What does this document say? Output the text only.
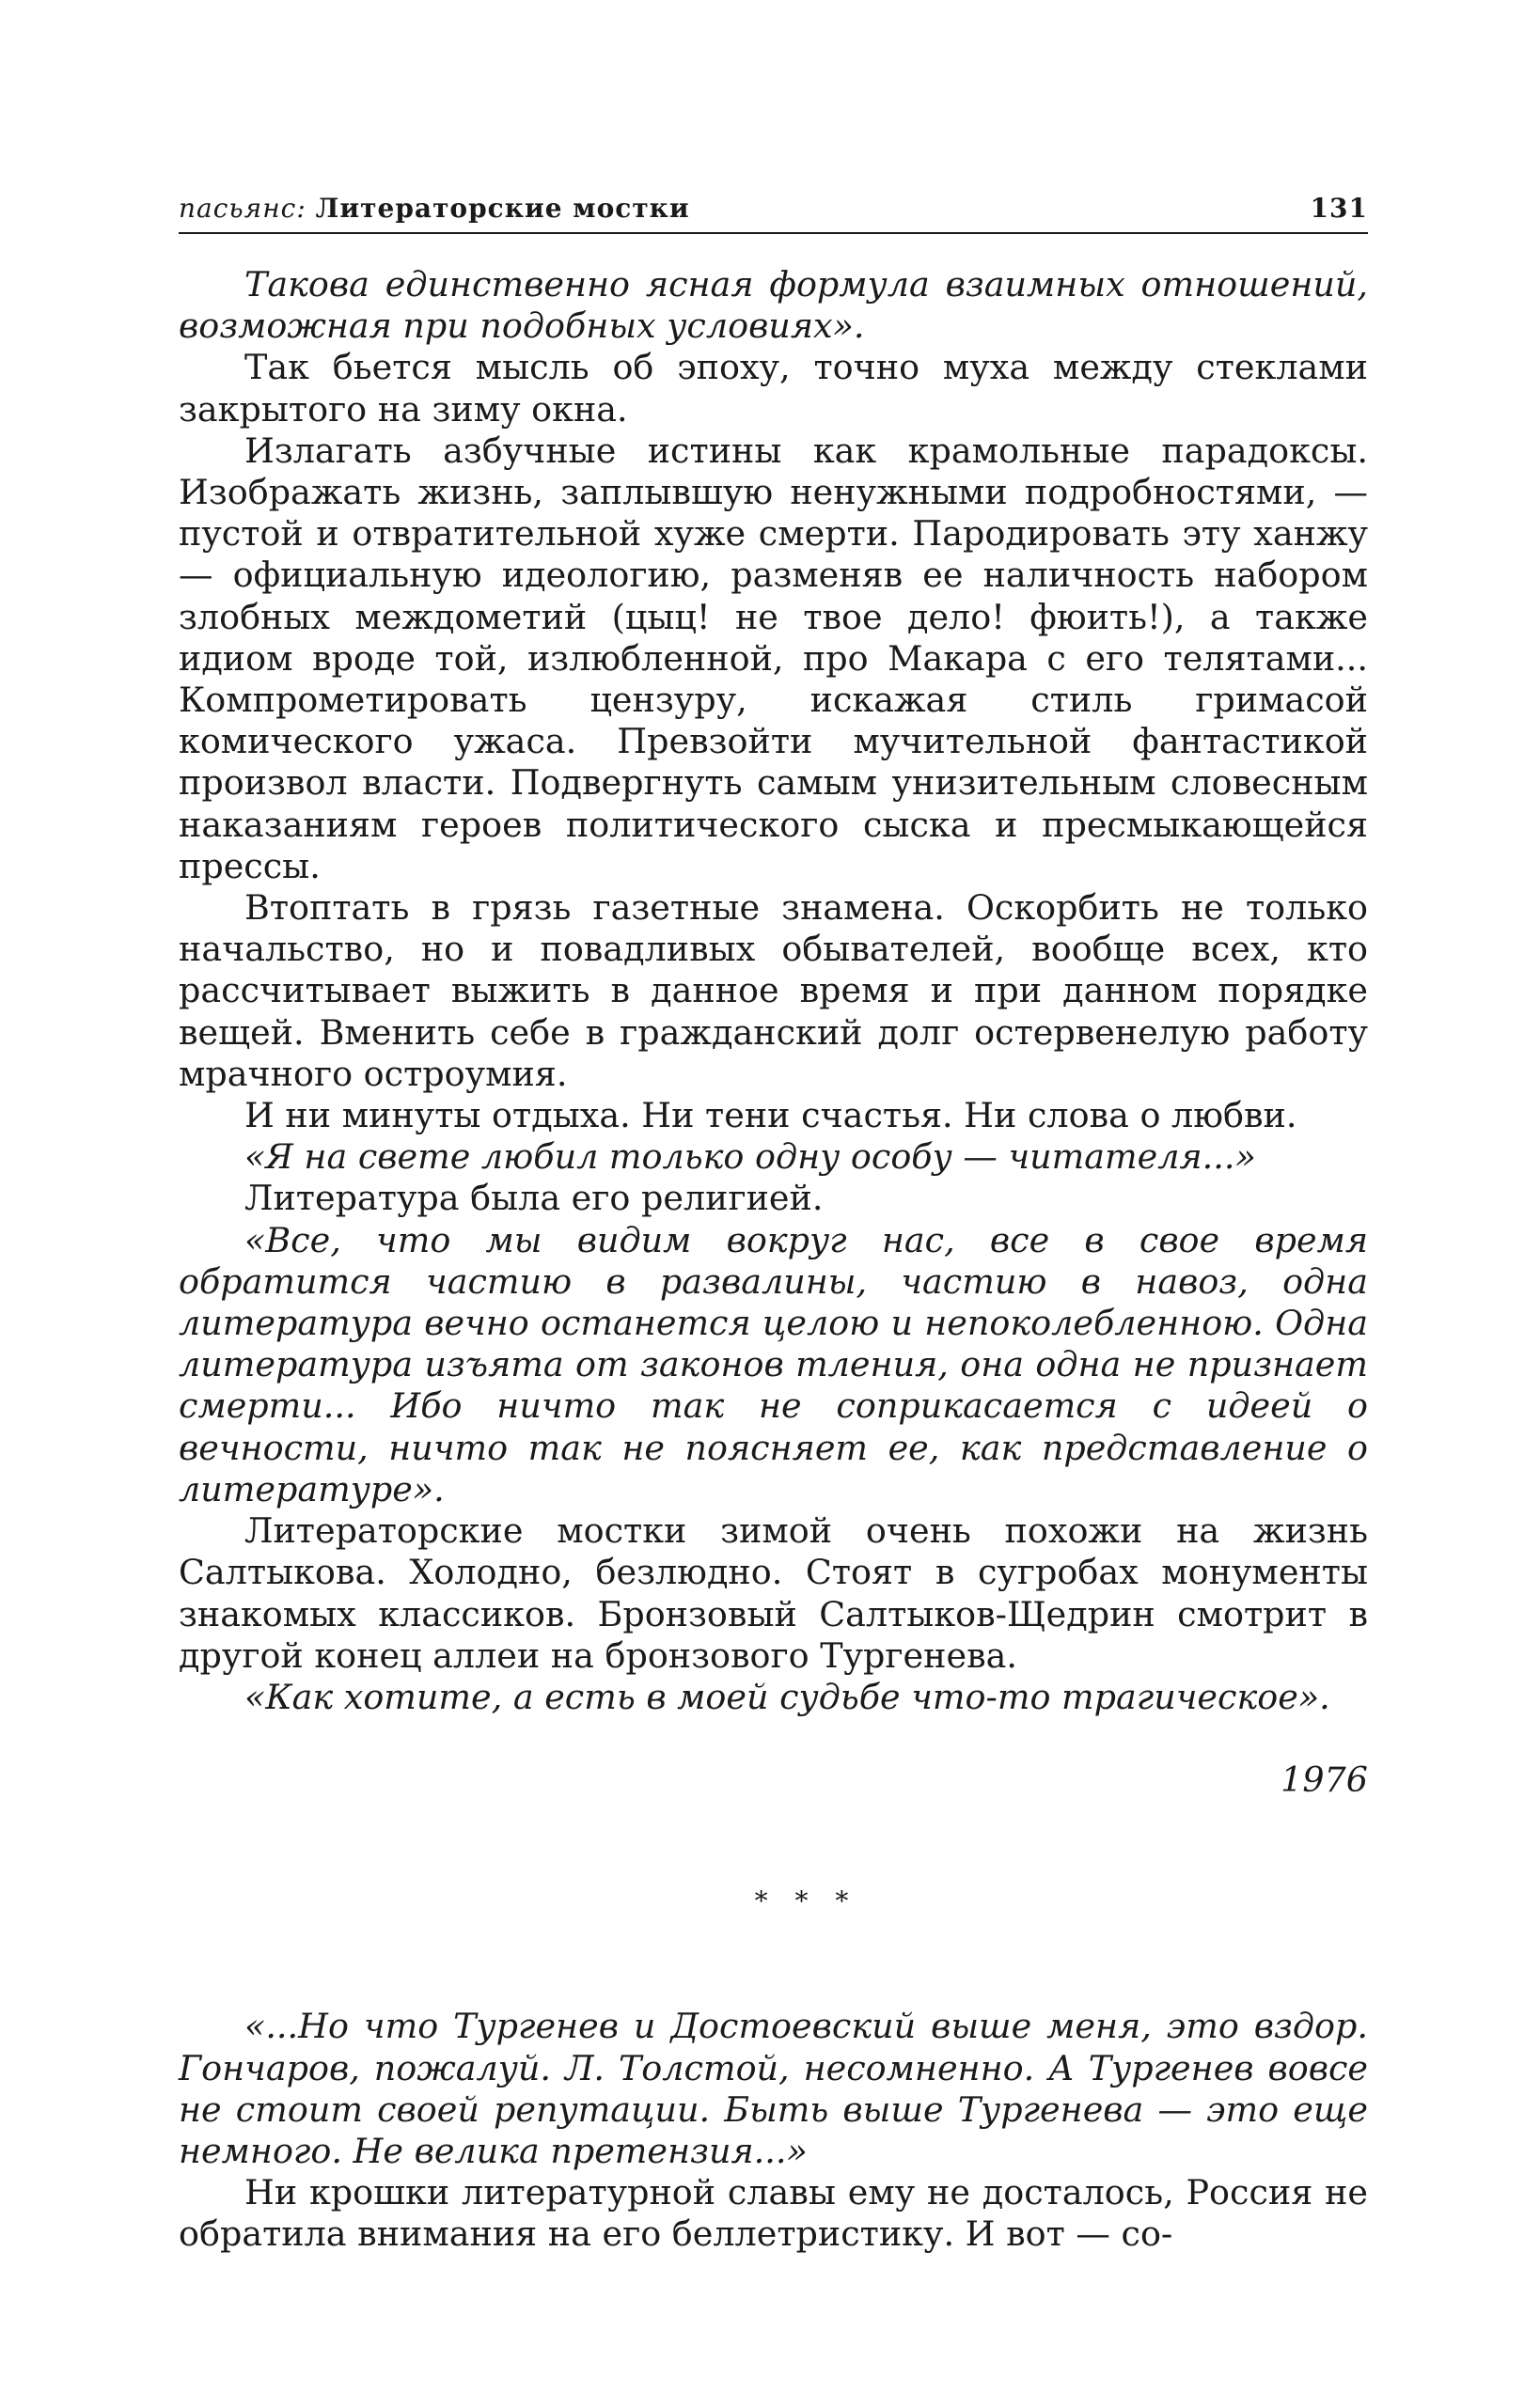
пасьянс: Литераторские мостки	131

Такова единственно ясная формула взаимных отношений, возможная при подобных условиях».

Так бьется мысль об эпоху, точно муха между стеклами закрытого на зиму окна.

Излагать азбучные истины как крамольные парадоксы. Изображать жизнь, заплывшую ненужными подробностями, — пустой и отвратительной хуже смерти. Пародировать эту ханжу — официальную идеологию, разменяв ее наличность набором злобных междометий (цыц! не твое дело! фюить!), а также идиом вроде той, излюбленной, про Макара с его телятами... Компрометировать цензуру, искажая стиль гримасой комического ужаса. Превзойти мучительной фантастикой произвол власти. Подвергнуть самым унизительным словесным наказаниям героев политического сыска и пресмыкающейся прессы.

Втоптать в грязь газетные знамена. Оскорбить не только начальство, но и повадливых обывателей, вообще всех, кто рассчитывает выжить в данное время и при данном порядке вещей. Вменить себе в гражданский долг остервенелую работу мрачного остроумия.

И ни минуты отдыха. Ни тени счастья. Ни слова о любви.

«Я на свете любил только одну особу — читателя...»

Литература была его религией.

«Все, что мы видим вокруг нас, все в свое время обратится частию в развалины, частию в навоз, одна литература вечно останется целою и непоколебленною. Одна литература изъята от законов тления, она одна не признает смерти... Ибо ничто так не соприкасается с идеей о вечности, ничто так не поясняет ее, как представление о литературе».

Литераторские мостки зимой очень похожи на жизнь Салтыкова. Холодно, безлюдно. Стоят в сугробах монументы знакомых классиков. Бронзовый Салтыков-Щедрин смотрит в другой конец аллеи на бронзового Тургенева.

«Как хотите, а есть в моей судьбе что-то трагическое».

1976
* * *

«...Но что Тургенев и Достоевский выше меня, это вздор. Гончаров, пожалуй. Л. Толстой, несомненно. А Тургенев вовсе не стоит своей репутации. Быть выше Тургенева — это еще немного. Не велика претензия...»

Ни крошки литературной славы ему не досталось, Россия не обратила внимания на его беллетристику. И вот — со-
